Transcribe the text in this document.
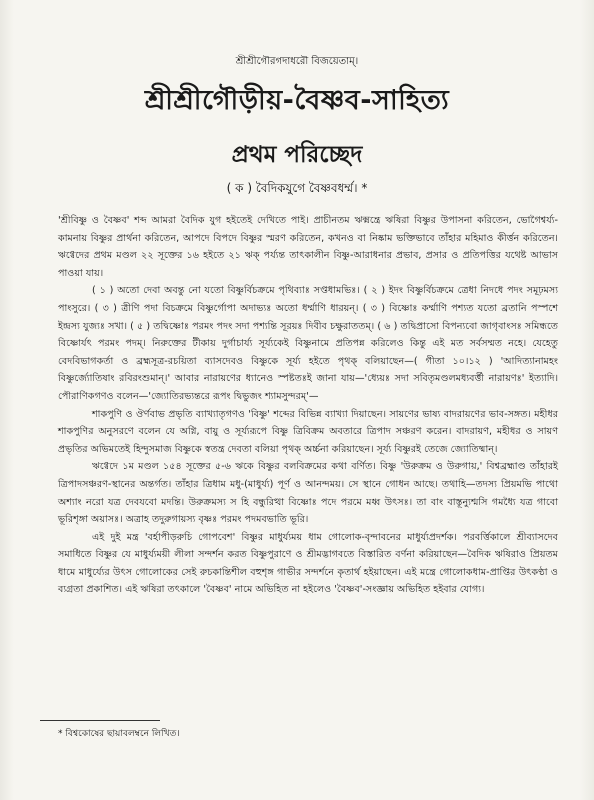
শ্রীশ্রীগৌরগদাধরৌ বিজয়েতাম্।
শ্রীশ্রীগৌড়ীয়-বৈষ্ণব-সাহিত্য
প্রথম পরিচ্ছেদ
( ক ) বৈদিকযুগে বৈষ্ণবধর্ম্ম। *

'শ্রীবিষ্ণু ও বৈষ্ণব' শব্দ আমরা বৈদিক যুগ হইতেই দেখিতে পাই। প্রাচীনতম ঋক্মন্ত্রে ঋষিরা বিষ্ণুর উপাসনা করিতেন, ভোগৈশ্বর্য্য-কামনায় বিষ্ণুর প্রার্থনা করিতেন, আপদে বিপদে বিষ্ণুর স্মরণ করিতেন, কখনও বা নিষ্কাম ভক্তিভাবে তাঁহার মহিমাও কীর্ত্তন করিতেন। ঋগ্বেদের প্রথম মণ্ডল ২২ সূক্তের ১৬ হইতে ২১ ঋক্ পর্য্যন্ত তাৎকালীন বিষ্ণু-আরাধনার প্রভাব, প্রসার ও প্রতিপত্তির যথেষ্ট আভাস পাওয়া যায়।

( ১ ) অতো দেবা অবন্তু নো যতো বিষ্ণুর্বিচক্রমে পৃথিব্যাঃ সপ্তধামভিঃ। ( ২ ) ইদং বিষ্ণুর্বিচক্রমে ত্রেধা নিদধে পদং সমূঢ়মস্য পাংসুরে। ( ৩ ) ত্রীণি পদা বিচক্রমে বিষ্ণুর্গোপা অদাভ্যঃ অতো ধর্ম্মাণি ধারয়ন্। ( ৩ ) বিষ্ণোঃ কর্ম্মাণি পশ্যত যতো ব্রতানি পস্পশে ইন্দ্রস্য যুজ্যঃ সখা। ( ৫ ) তদ্বিষ্ণোঃ পরমং পদং সদা পশ্যন্তি সূরয়ঃ দিবীব চক্ষুরাততম্। ( ৬ ) তদ্বিপ্রাসো বিপন্যবো জাগৃবাংসঃ সমিন্ধতে বিষ্ণোর্যৎ পরমং পদম্। নিরুক্তের টীকায় দুর্গাচার্য্য সূর্য্যকেই বিষ্ণুনামে প্রতিপন্ন করিলেও কিন্তু এই মত সর্বসম্মত নহে। যেহেতু বেদবিভাগকর্তা ও ব্রহ্মসূত্র-রচয়িতা ব্যাসদেবও বিষ্ণুকে সূর্য্য হইতে পৃথক্ বলিয়াছেন—( গীতা ১০।১২ ) 'আদিত্যানামহং বিষ্ণুর্জ্যোতিষাং রবিরংশুমান্।' আবার নারায়ণের ধ্যানেও স্পষ্টতঃই জানা যায়—'ধ্যেয়ঃ সদা সবিতৃমণ্ডলমধ্যবর্ত্তী নারায়ণঃ' ইত্যাদি। পৌরাণিকগণও বলেন—'জ্যোতিরভ্যন্তরে রূপং দ্বিভুজং শ্যামসুন্দরম্'—

শাকপুণি ও ঔর্ণবাভ প্রভৃতি ব্যাখ্যাতৃগণও 'বিষ্ণু' শব্দের বিভিন্ন ব্যাখ্যা দিয়াছেন। সায়ণের ভাষ্য বাদরায়ণের ভাব-সঙ্গত। মহীধর শাকপুণির অনুসরণে বলেন যে অগ্নি, বায়ু ও সূর্য্যরূপে বিষ্ণু ত্রিবিক্রম অবতারে ত্রিপাদ সঞ্চরণ করেন। বাদরায়ণ, মহীধর ও সায়ণ প্রভৃতির অভিমতেই হিন্দুসমাজ বিষ্ণুকে স্বতন্ত্র দেবতা বলিয়া পৃথক্ অর্চ্চনা করিয়াছেন। সূর্য্য বিষ্ণুরই তেজে জ্যোতিষ্মান্।

ঋগ্বেদে ১ম মণ্ডল ১৫৪ সূক্তের ৫-৬ ঋকে বিষ্ণুর বলবিক্রমের কথা বর্ণিত। বিষ্ণু 'উরুক্রম ও উরুগায়,' বিশ্বব্রহ্মাণ্ড তাঁহারই ত্রিপাদসঞ্চরণ-স্থানের অন্তর্গত। তাঁহার ত্রিধাম মধু-(মাধুর্য্য) পূর্ণ ও আনন্দময়। সে স্থানে গোধন আছে। তথাহি—তদস্য প্রিয়মভি পাথো অশ্যাং নরো যত্র দেবযবো মদন্তি। উরুক্রমস্য স হি বন্ধুরিত্থা বিষ্ণোঃ পদে পরমে মধ্ব উৎসঃ। তা বাং বাস্তূন্যুশ্মসি গমধ্যৈ যত্র গাবো ভূরিশৃঙ্গা অয়াসঃ। অত্রাহ তদুরুগায়স্য বৃষ্ণঃ পরমং পদমবভাতি ভূরি।

এই দুই মন্ত্র 'বর্হাপীড়রুচি গোপবেশ' বিষ্ণুর মাধুর্য্যময় ধাম গোলোক-বৃন্দাবনের মাধুর্য্যপ্রদর্শক। পরবর্ত্তিকালে শ্রীব্যাসদেব সমাধিতে বিষ্ণুর যে মাধুর্য্যময়ী লীলা সন্দর্শন করত বিষ্ণুপুরাণে ও শ্রীমদ্ভাগবতে বিস্তারিত বর্ণনা করিয়াছেন—বৈদিক ঋষিরাও প্রিয়তম ধামে মাধুর্য্যের উৎস গোলোকের সেই রুচকান্তিশীল বহুশৃঙ্গ গাভীর সন্দর্শনে কৃতার্থ হইয়াছেন। এই মন্ত্রে গোলোকধাম-প্রাপ্তির উৎকণ্ঠা ও ব্যগ্রতা প্রকাশিত। এই ঋষিরা তৎকালে 'বৈষ্ণব' নামে অভিহিত না হইলেও 'বৈষ্ণব'-সংজ্ঞায় অভিহিত হইবার যোগ্য।

* বিশ্বকোষের ছায়াবলম্বনে লিখিত।
